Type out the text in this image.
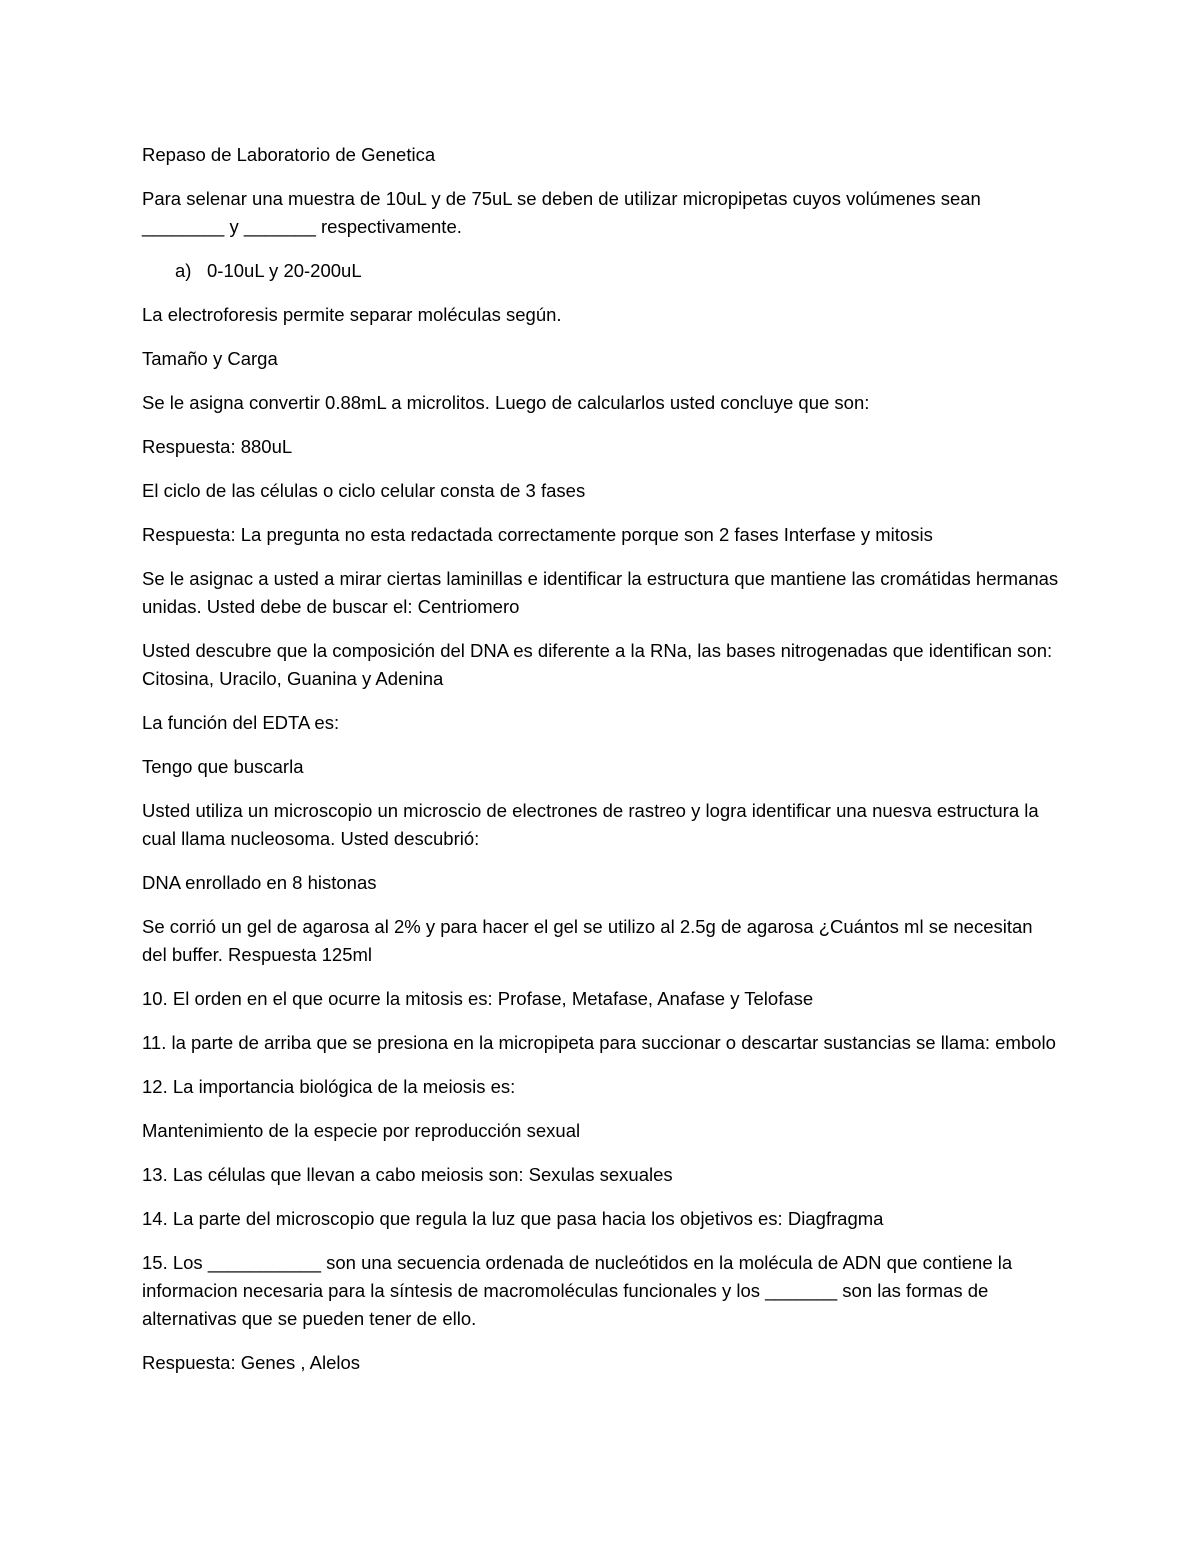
Repaso de Laboratorio de Genetica

Para selenar una muestra de 10uL y de 75uL se deben de utilizar micropipetas cuyos volúmenes sean ________ y _______ respectivamente.

a) 0-10uL y 20-200uL

La electroforesis permite separar moléculas según.

Tamaño y Carga

Se le asigna convertir 0.88mL a microlitos. Luego de calcularlos usted concluye que son:

Respuesta: 880uL

El ciclo de las células o ciclo celular consta de 3 fases

Respuesta: La pregunta no esta redactada correctamente porque son 2 fases Interfase y mitosis

Se le asignac a usted a mirar ciertas laminillas e identificar la estructura que mantiene las cromátidas hermanas unidas. Usted debe de buscar el: Centriomero

Usted descubre que la composición del DNA es diferente a la RNa, las bases nitrogenadas que identifican son: Citosina, Uracilo, Guanina y Adenina

La función del EDTA es:

Tengo que buscarla

Usted utiliza un microscopio un microscio de electrones de rastreo y logra identificar una nuesva estructura la cual llama nucleosoma. Usted descubrió:

DNA enrollado en 8 histonas

Se corrió un gel de agarosa al 2% y para hacer el gel se utilizo al 2.5g de agarosa ¿Cuántos ml se necesitan del buffer. Respuesta 125ml

10. El orden en el que ocurre la mitosis es: Profase, Metafase, Anafase y Telofase

11. la parte de arriba que se presiona en la micropipeta para succionar o descartar sustancias se llama: embolo

12. La importancia biológica de la meiosis es:

Mantenimiento de la especie por reproducción sexual

13. Las células que llevan a cabo meiosis son: Sexulas sexuales

14. La parte del microscopio que regula la luz que pasa hacia los objetivos es: Diagfragma

15. Los ___________ son una secuencia ordenada de nucleótidos en la molécula de ADN que contiene la informacion necesaria para la síntesis de macromoléculas funcionales y los _______ son las formas de alternativas que se pueden tener de ello.

Respuesta: Genes , Alelos
